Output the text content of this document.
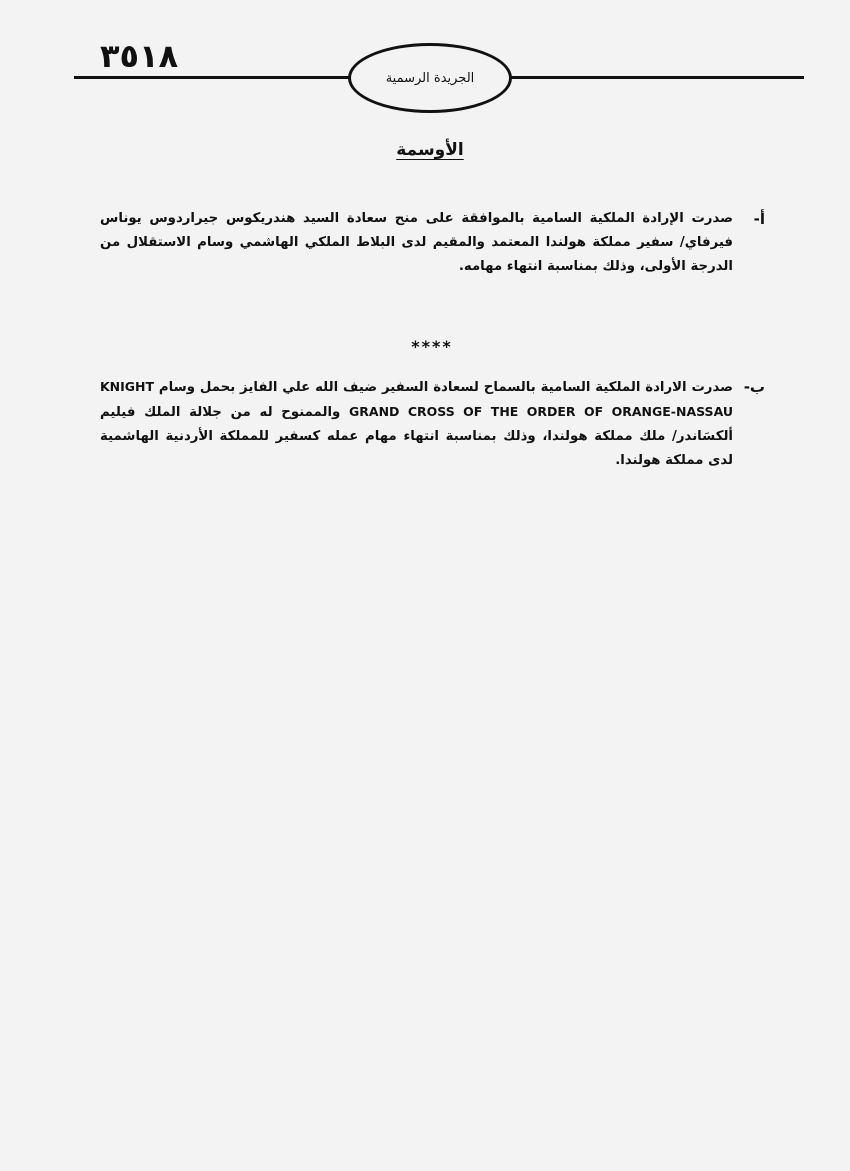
٣٥١٨
الجريدة الرسمية
الأوسمة
أ-
صدرت الإرادة الملكية السامية بالموافقة على منح سعادة السيد هندريكوس جيراردوس يوناس فيرفاي/ سفير مملكة هولندا المعتمد والمقيم لدى البلاط الملكي الهاشمي وسام الاستقلال من الدرجة الأولى، وذلك بمناسبة انتهاء مهامه.
****
ب-
صدرت الارادة الملكية السامية بالسماح لسعادة السفير ضيف الله علي الفايز بحمل وسام KNIGHT GRAND CROSS OF THE ORDER OF ORANGE-NASSAU والممنوح له من جلالة الملك فيليم ألكسَاندر/ ملك مملكة هولندا، وذلك بمناسبة انتهاء مهام عمله كسفير للمملكة الأردنية الهاشمية لدى مملكة هولندا.
